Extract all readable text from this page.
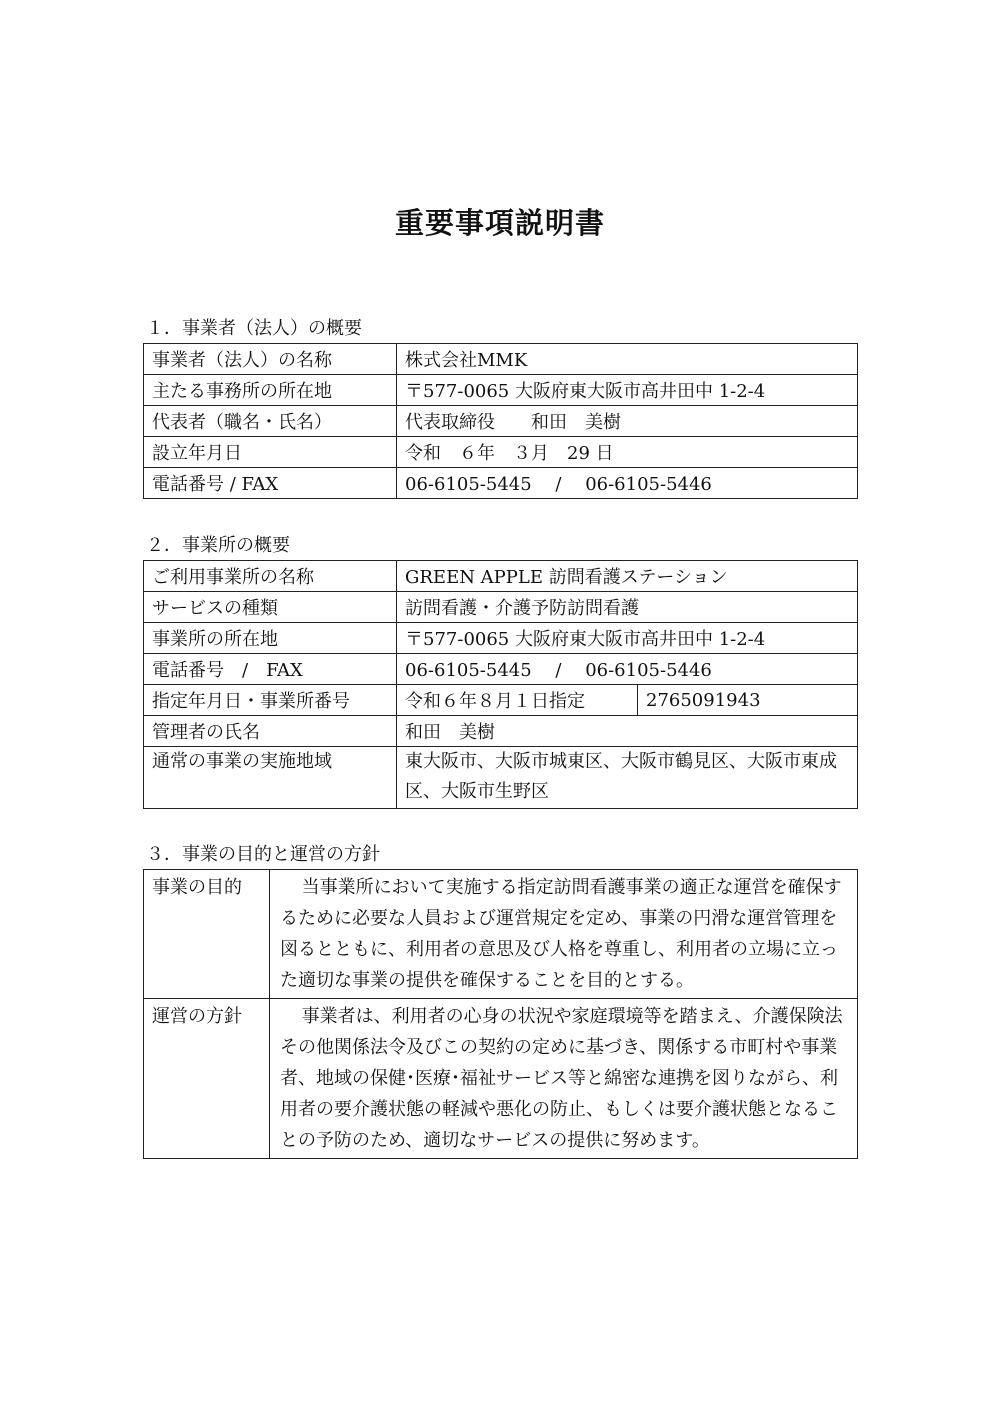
重要事項説明書
１．事業者（法人）の概要
事業者（法人）の名称	株式会社MMK
主たる事務所の所在地	〒577-0065 大阪府東大阪市高井田中 1-2-4
代表者（職名・氏名）	代表取締役　　和田　美樹
設立年月日	令和　６年　３月　29 日
電話番号 / FAX	06-6105-5445　 /　 06-6105-5446
２．事業所の概要
ご利用事業所の名称	GREEN APPLE 訪問看護ステーション	
サービスの種類	訪問看護・介護予防訪問看護	
事業所の所在地	〒577-0065 大阪府東大阪市高井田中 1-2-4	
電話番号　/　FAX	06-6105-5445　 /　 06-6105-5446	
指定年月日・事業所番号	令和６年８月１日指定	2765091943
管理者の氏名	和田　美樹	
通常の事業の実施地域	東大阪市、大阪市城東区、大阪市鶴見区、大阪市東成区、大阪市生野区	
３．事業の目的と運営の方針
事業の目的	当事業所において実施する指定訪問看護事業の適正な運営を確保するために必要な人員および運営規定を定め、事業の円滑な運営管理を図るとともに、利用者の意思及び人格を尊重し、利用者の立場に立った適切な事業の提供を確保することを目的とする。
運営の方針	事業者は、利用者の心身の状況や家庭環境等を踏まえ、介護保険法その他関係法令及びこの契約の定めに基づき、関係する市町村や事業者、地域の保健･医療･福祉サービス等と綿密な連携を図りながら、利用者の要介護状態の軽減や悪化の防止、もしくは要介護状態となることの予防のため、適切なサービスの提供に努めます。
